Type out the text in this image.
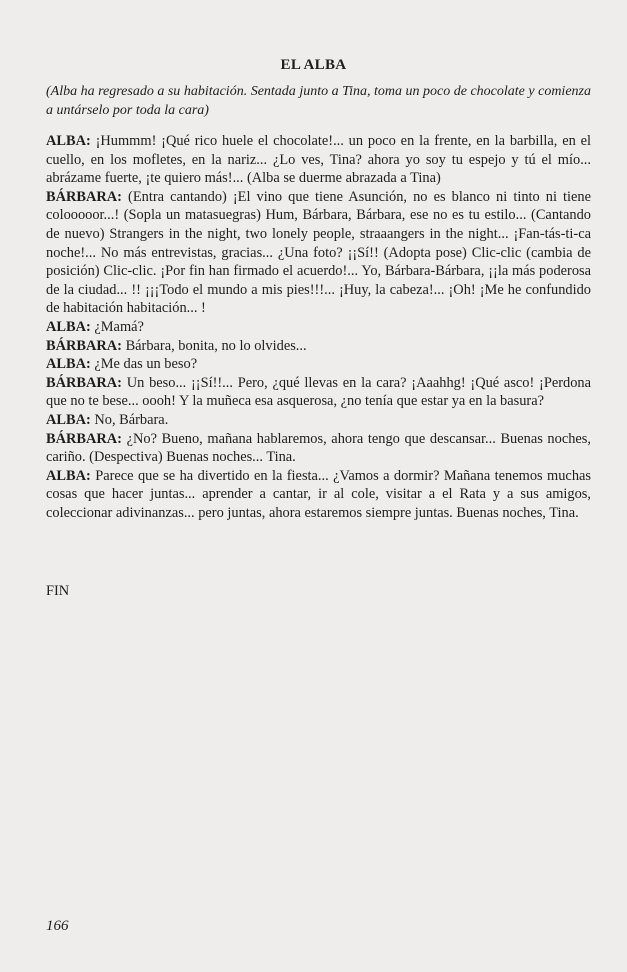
EL ALBA
(Alba ha regresado a su habitación. Sentada junto a Tina, toma un poco de chocolate y comienza a untárselo por toda la cara)

ALBA: ¡Hummm! ¡Qué rico huele el chocolate!... un poco en la frente, en la barbilla, en el cuello, en los mofletes, en la nariz... ¿Lo ves, Tina? ahora yo soy tu espejo y tú el mío... abrázame fuerte, ¡te quiero más!... (Alba se duerme abrazada a Tina)

BÁRBARA: (Entra cantando) ¡El vino que tiene Asunción, no es blanco ni tinto ni tiene colooooor...! (Sopla un matasuegras) Hum, Bárbara, Bárbara, ese no es tu estilo... (Cantando de nuevo) Strangers in the night, two lonely people, straaangers in the night... ¡Fan-tás-ti-ca noche!... No más entrevistas, gracias... ¿Una foto? ¡¡Sí!! (Adopta pose) Clic-clic (cambia de posición) Clic-clic. ¡Por fin han firmado el acuerdo!... Yo, Bárbara-Bárbara, ¡¡la más poderosa de la ciudad... !! ¡¡¡Todo el mundo a mis pies!!!... ¡Huy, la cabeza!... ¡Oh! ¡Me he confundido de habitación habitación... !

ALBA: ¿Mamá?

BÁRBARA: Bárbara, bonita, no lo olvides...

ALBA: ¿Me das un beso?

BÁRBARA: Un beso... ¡¡Sí!!... Pero, ¿qué llevas en la cara? ¡Aaahhg! ¡Qué asco! ¡Perdona que no te bese... oooh! Y la muñeca esa asquerosa, ¿no tenía que estar ya en la basura?

ALBA: No, Bárbara.

BÁRBARA: ¿No? Bueno, mañana hablaremos, ahora tengo que descansar... Buenas noches, cariño. (Despectiva) Buenas noches... Tina.

ALBA: Parece que se ha divertido en la fiesta... ¿Vamos a dormir? Mañana tenemos muchas cosas que hacer juntas... aprender a cantar, ir al cole, visitar a el Rata y a sus amigos, coleccionar adivinanzas... pero juntas, ahora estaremos siempre juntas. Buenas noches, Tina.

FIN
166
